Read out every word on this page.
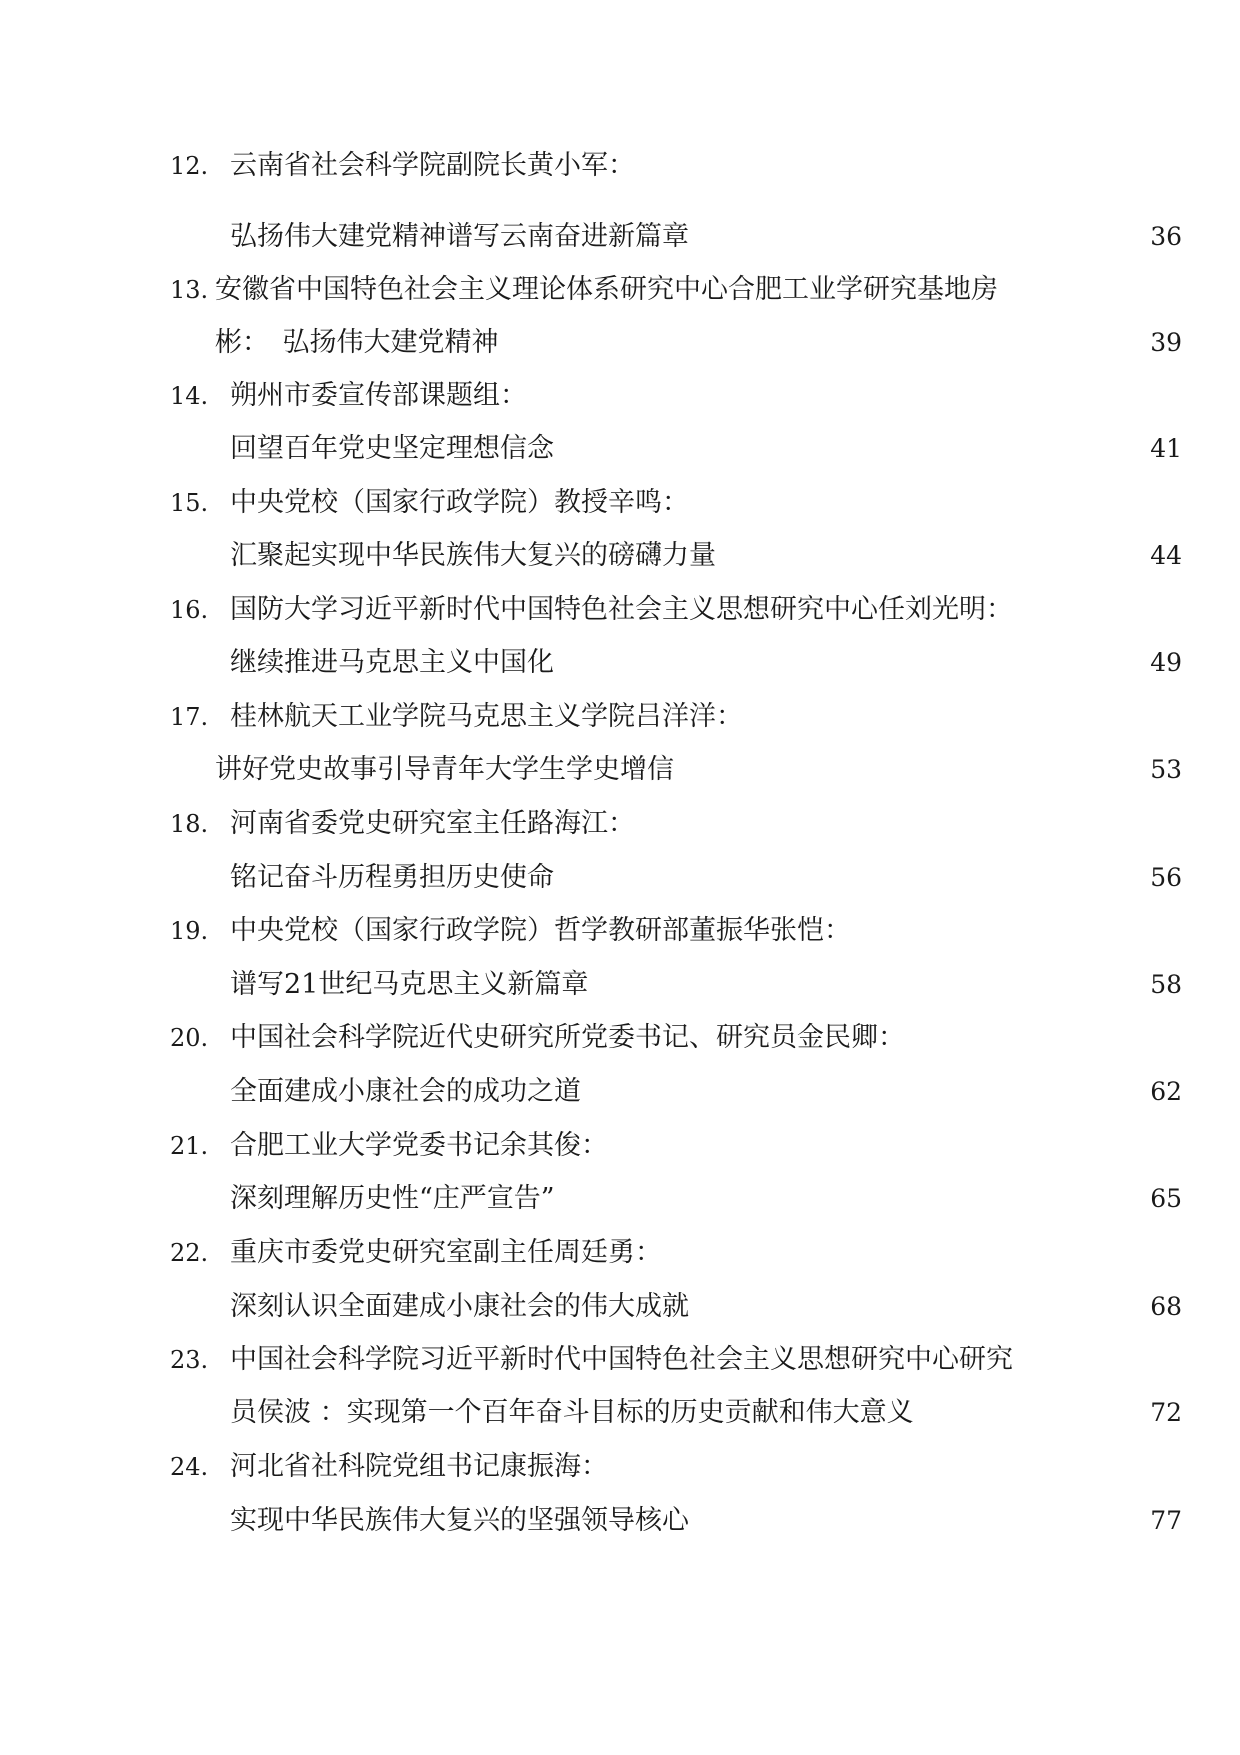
12. 云南省社会科学院副院长黄小军：
弘扬伟大建党精神谱写云南奋进新篇章	36
13. 安徽省中国特色社会主义理论体系研究中心合肥工业学研究基地房
彬：　弘扬伟大建党精神	39
14. 朔州市委宣传部课题组：
回望百年党史坚定理想信念	41
15. 中央党校（国家行政学院）教授辛鸣：
汇聚起实现中华民族伟大复兴的磅礴力量	44
16. 国防大学习近平新时代中国特色社会主义思想研究中心任刘光明：
继续推进马克思主义中国化	49
17. 桂林航天工业学院马克思主义学院吕洋洋：
讲好党史故事引导青年大学生学史增信	53
18. 河南省委党史研究室主任路海江：
铭记奋斗历程勇担历史使命	56
19. 中央党校（国家行政学院）哲学教研部董振华张恺：
谱写21世纪马克思主义新篇章	58
20. 中国社会科学院近代史研究所党委书记、研究员金民卿：
全面建成小康社会的成功之道	62
21. 合肥工业大学党委书记余其俊：
深刻理解历史性“庄严宣告”	65
22. 重庆市委党史研究室副主任周廷勇：
深刻认识全面建成小康社会的伟大成就	68
23. 中国社会科学院习近平新时代中国特色社会主义思想研究中心研究
员侯波 ：实现第一个百年奋斗目标的历史贡献和伟大意义	72
24. 河北省社科院党组书记康振海：
实现中华民族伟大复兴的坚强领导核心	77
